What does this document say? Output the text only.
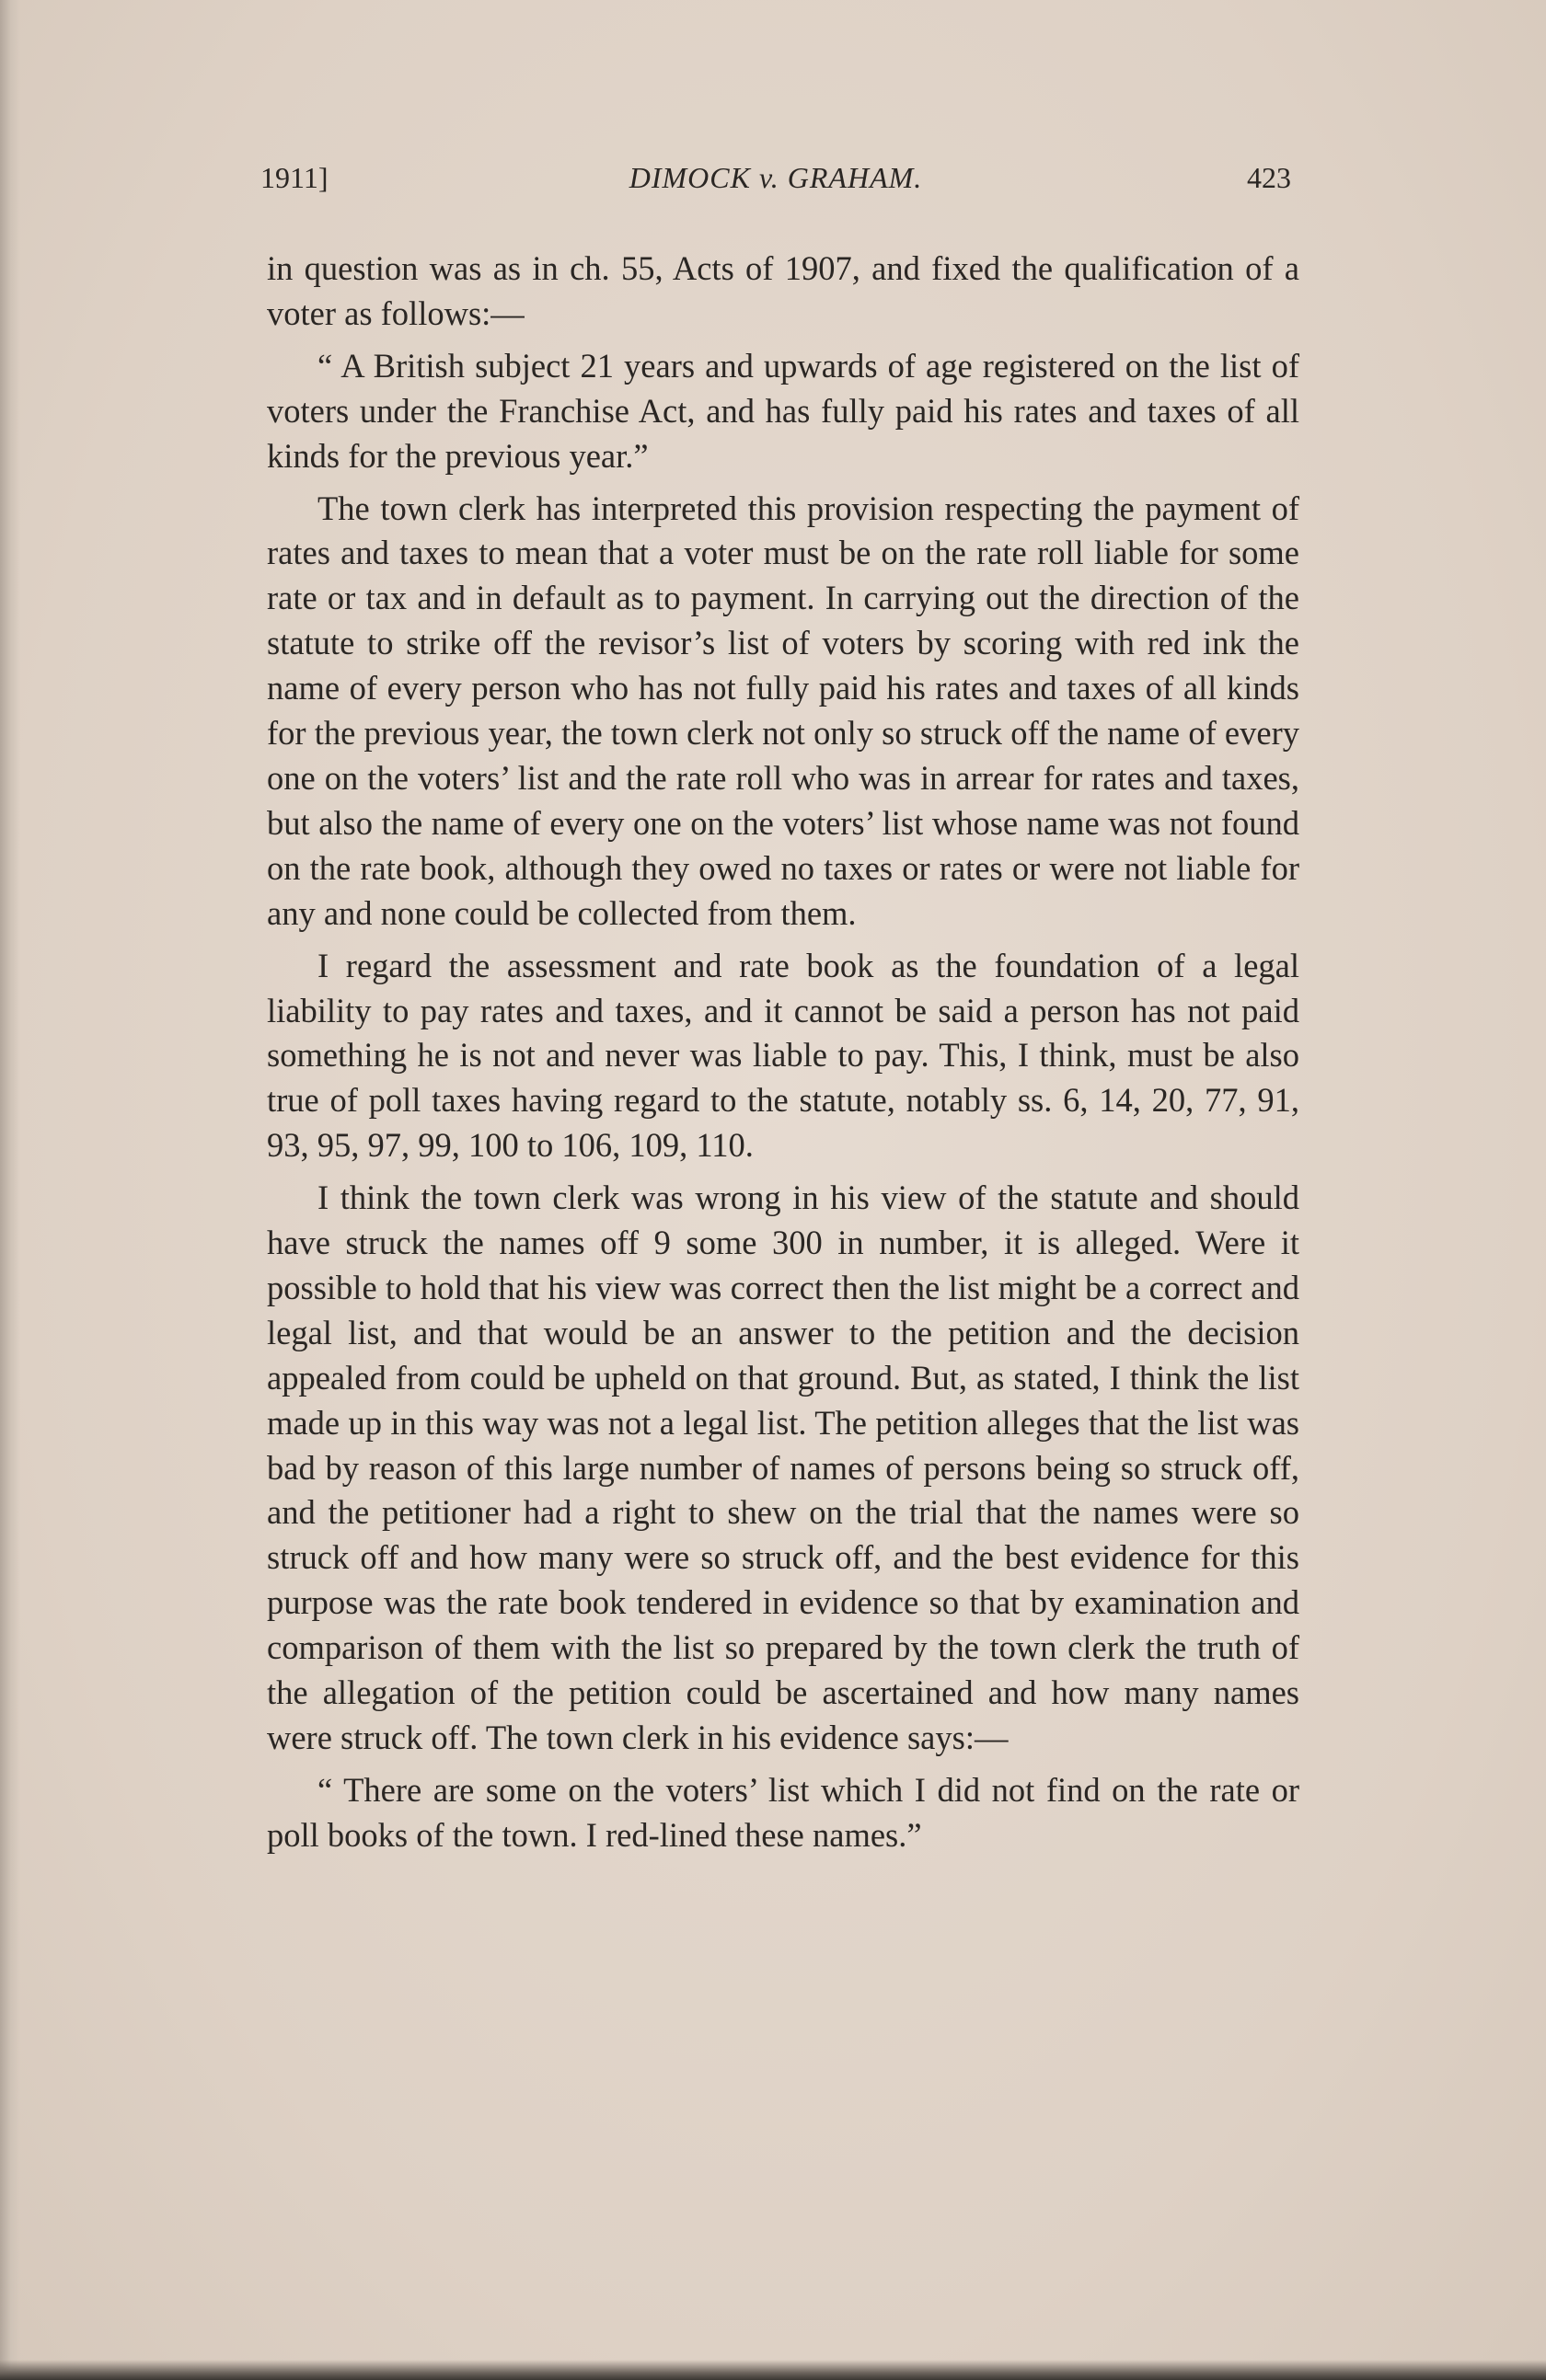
1911]	DIMOCK v. GRAHAM.	423

in question was as in ch. 55, Acts of 1907, and fixed the qualification of a voter as follows:—

“ A British subject 21 years and upwards of age registered on the list of voters under the Franchise Act, and has fully paid his rates and taxes of all kinds for the previous year.”

The town clerk has interpreted this provision respecting the payment of rates and taxes to mean that a voter must be on the rate roll liable for some rate or tax and in default as to payment. In carrying out the direction of the statute to strike off the revisor’s list of voters by scoring with red ink the name of every person who has not fully paid his rates and taxes of all kinds for the previous year, the town clerk not only so struck off the name of every one on the voters’ list and the rate roll who was in arrear for rates and taxes, but also the name of every one on the voters’ list whose name was not found on the rate book, although they owed no taxes or rates or were not liable for any and none could be collected from them.

I regard the assessment and rate book as the foundation of a legal liability to pay rates and taxes, and it cannot be said a person has not paid something he is not and never was liable to pay. This, I think, must be also true of poll taxes having regard to the statute, notably ss. 6, 14, 20, 77, 91, 93, 95, 97, 99, 100 to 106, 109, 110.

I think the town clerk was wrong in his view of the statute and should have struck the names off 9 some 300 in number, it is alleged. Were it possible to hold that his view was correct then the list might be a correct and legal list, and that would be an answer to the petition and the decision appealed from could be upheld on that ground. But, as stated, I think the list made up in this way was not a legal list. The petition alleges that the list was bad by reason of this large number of names of persons being so struck off, and the petitioner had a right to shew on the trial that the names were so struck off and how many were so struck off, and the best evidence for this purpose was the rate book tendered in evidence so that by examination and comparison of them with the list so prepared by the town clerk the truth of the allegation of the petition could be ascertained and how many names were struck off. The town clerk in his evidence says:—

“ There are some on the voters’ list which I did not find on the rate or poll books of the town. I red-lined these names.”
